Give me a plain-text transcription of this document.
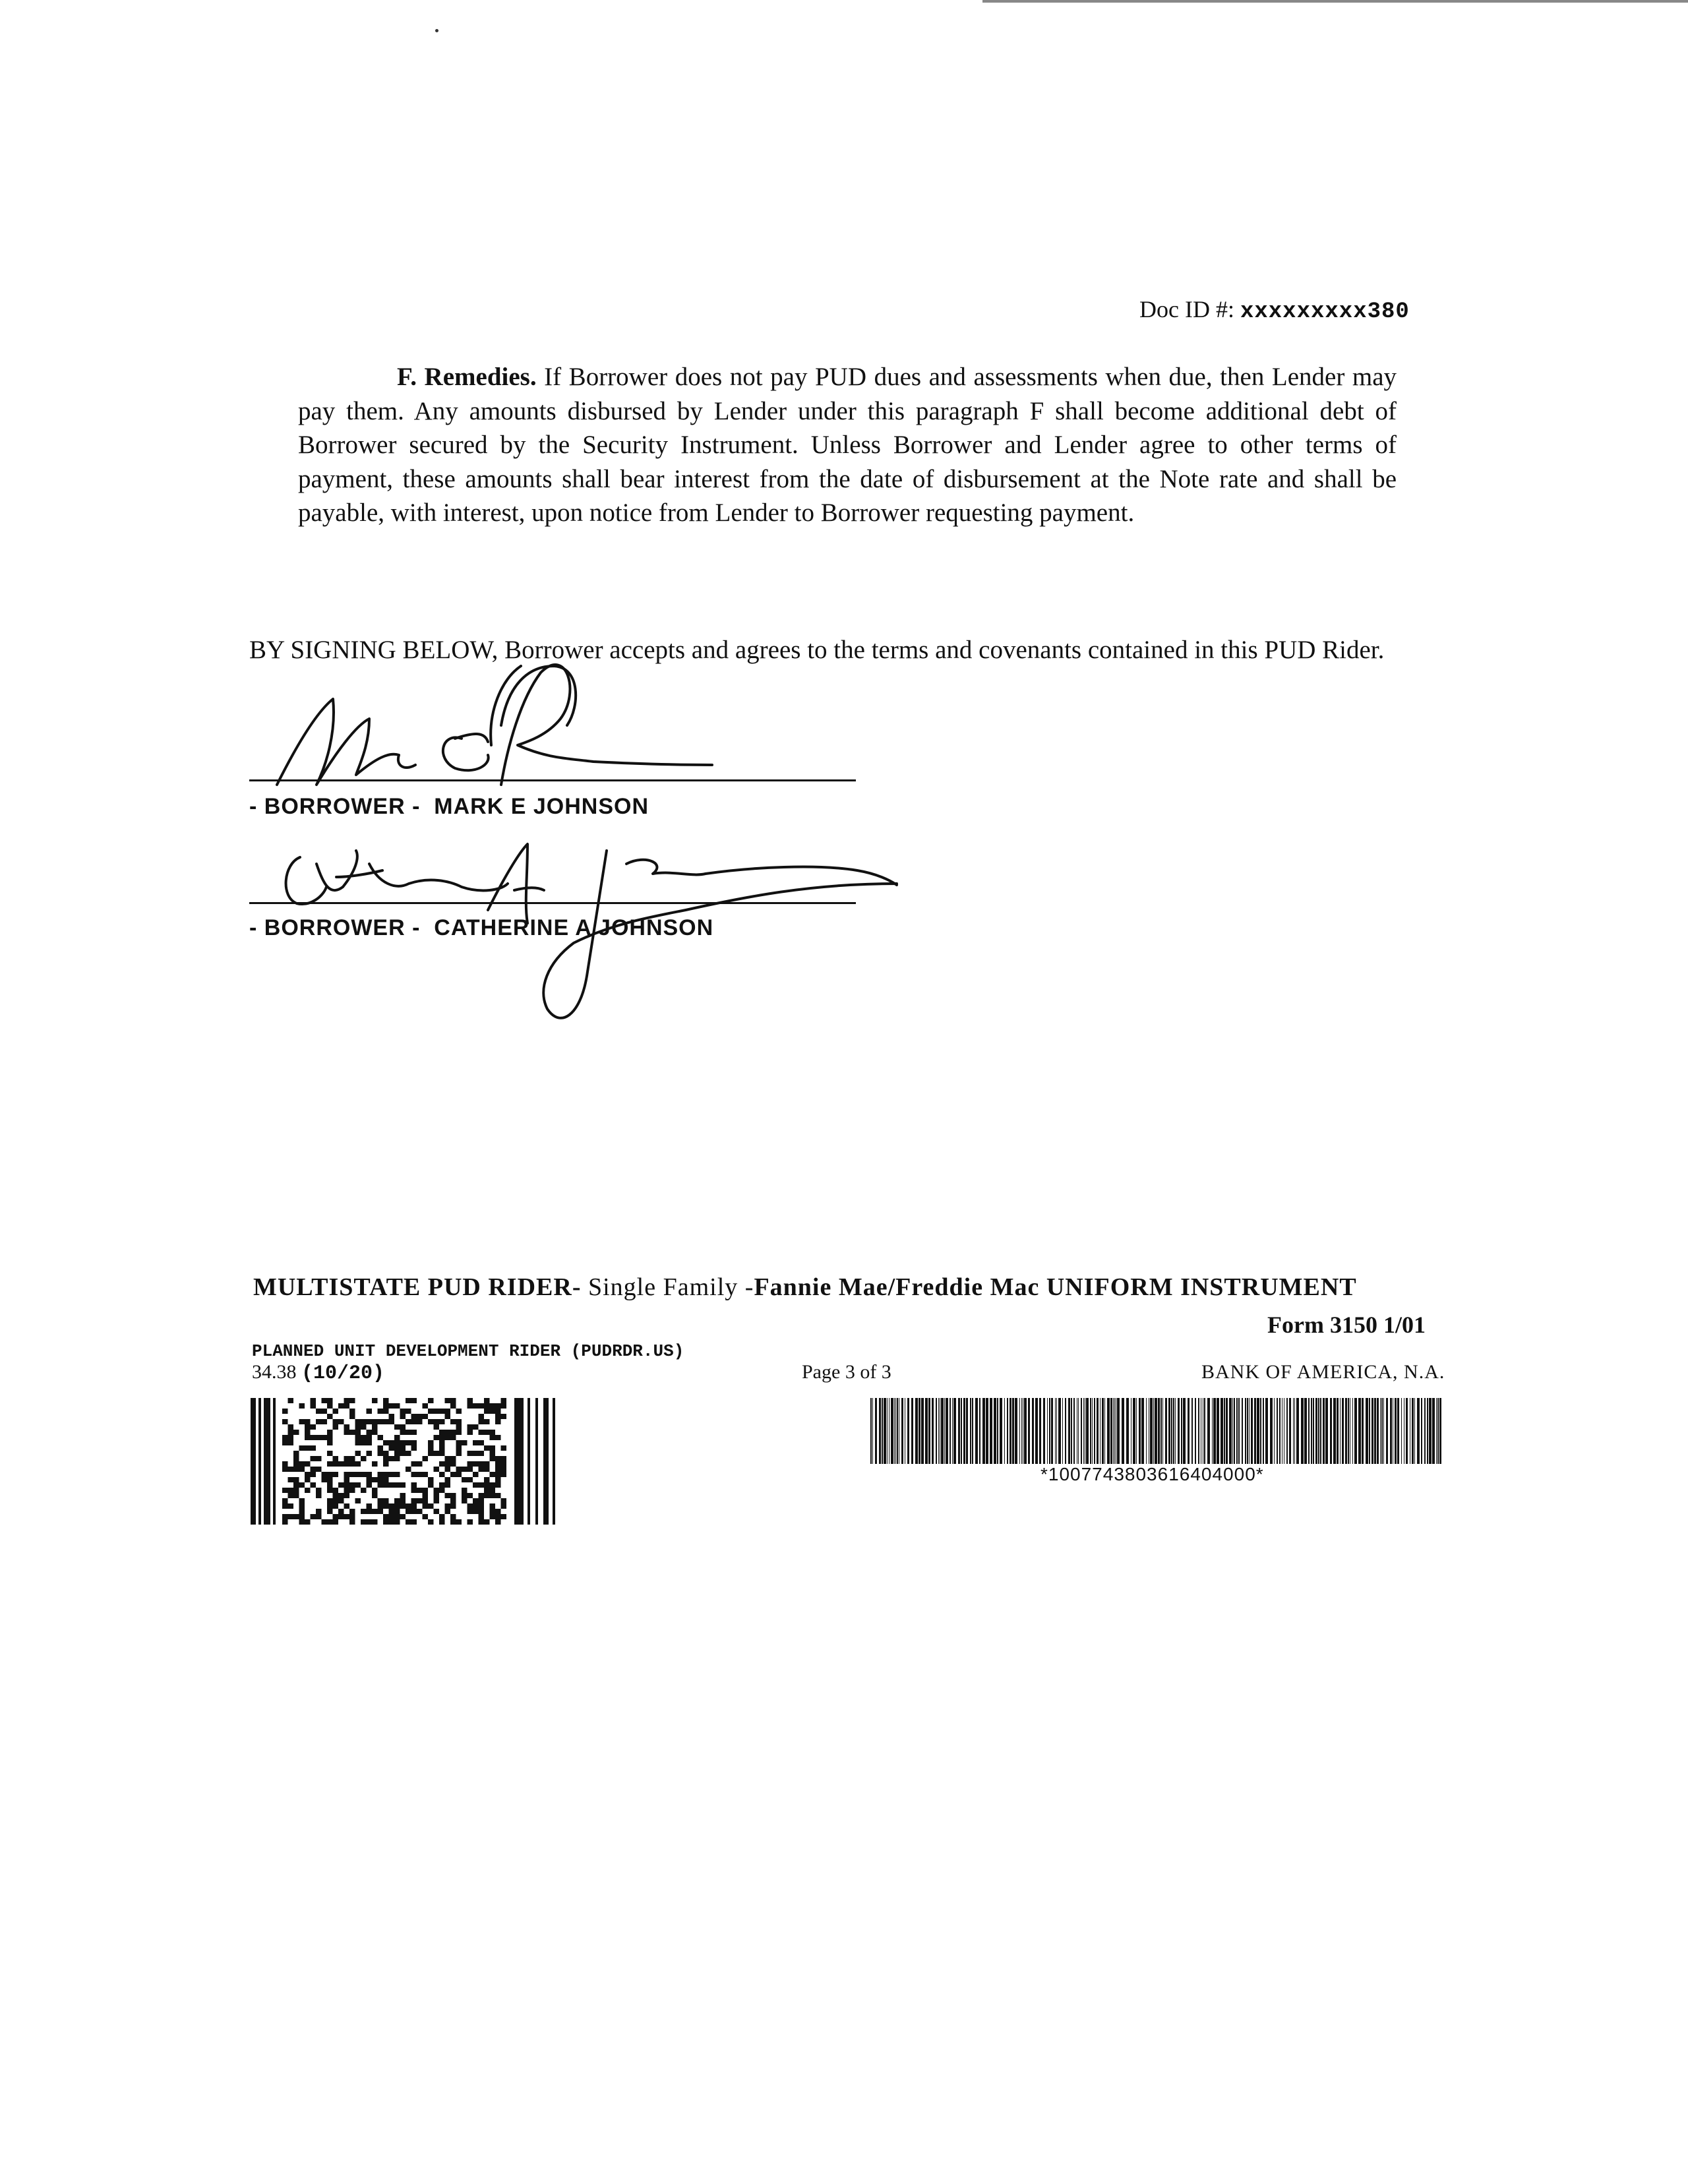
Doc ID #: xxxxxxxxx380

F. Remedies. If Borrower does not pay PUD dues and assessments when due, then Lender may pay them. Any amounts disbursed by Lender under this paragraph F shall become additional debt of Borrower secured by the Security Instrument. Unless Borrower and Lender agree to other terms of payment, these amounts shall bear interest from the date of disbursement at the Note rate and shall be payable, with interest, upon notice from Lender to Borrower requesting payment.

BY SIGNING BELOW, Borrower accepts and agrees to the terms and covenants contained in this PUD Rider.

- BORROWER -  MARK E JOHNSON
- BORROWER -  CATHERINE A JOHNSON
MULTISTATE PUD RIDER- Single Family -Fannie Mae/Freddie Mac UNIFORM INSTRUMENT
Form 3150 1/01
PLANNED UNIT DEVELOPMENT RIDER (PUDRDR.US)
34.38 (10/20)	Page 3 of 3	BANK OF AMERICA, N.A.
*1007743803616404000*
